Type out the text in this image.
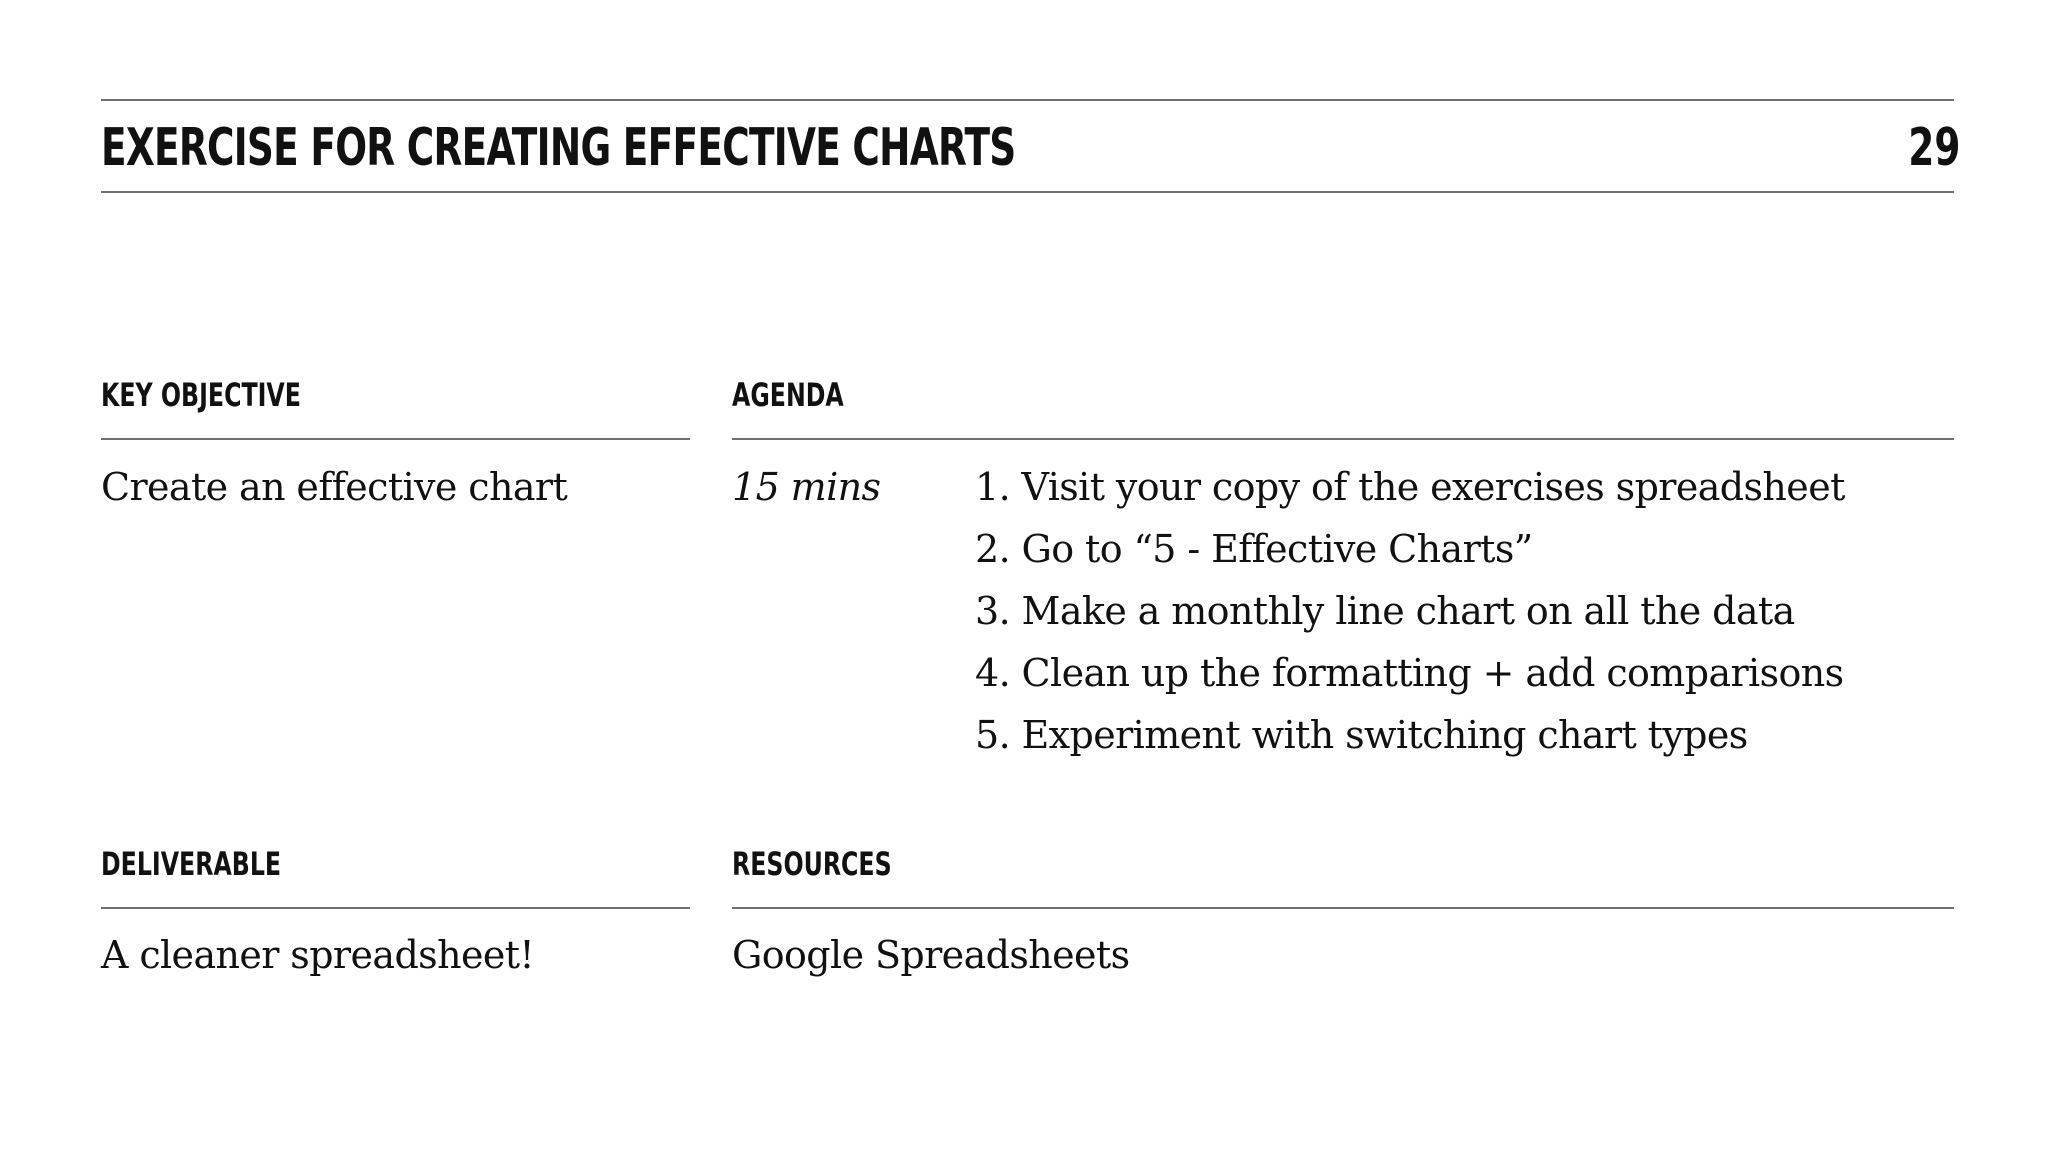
EXERCISE FOR CREATING EFFECTIVE CHARTS	29
KEY OBJECTIVE
Create an effective chart
AGENDA
15 mins 1. Visit your copy of the exercises spreadsheet
2. Go to “5 - Effective Charts”
3. Make a monthly line chart on all the data
4. Clean up the formatting + add comparisons
5. Experiment with switching chart types
DELIVERABLE
A cleaner spreadsheet!
RESOURCES
Google Spreadsheets
